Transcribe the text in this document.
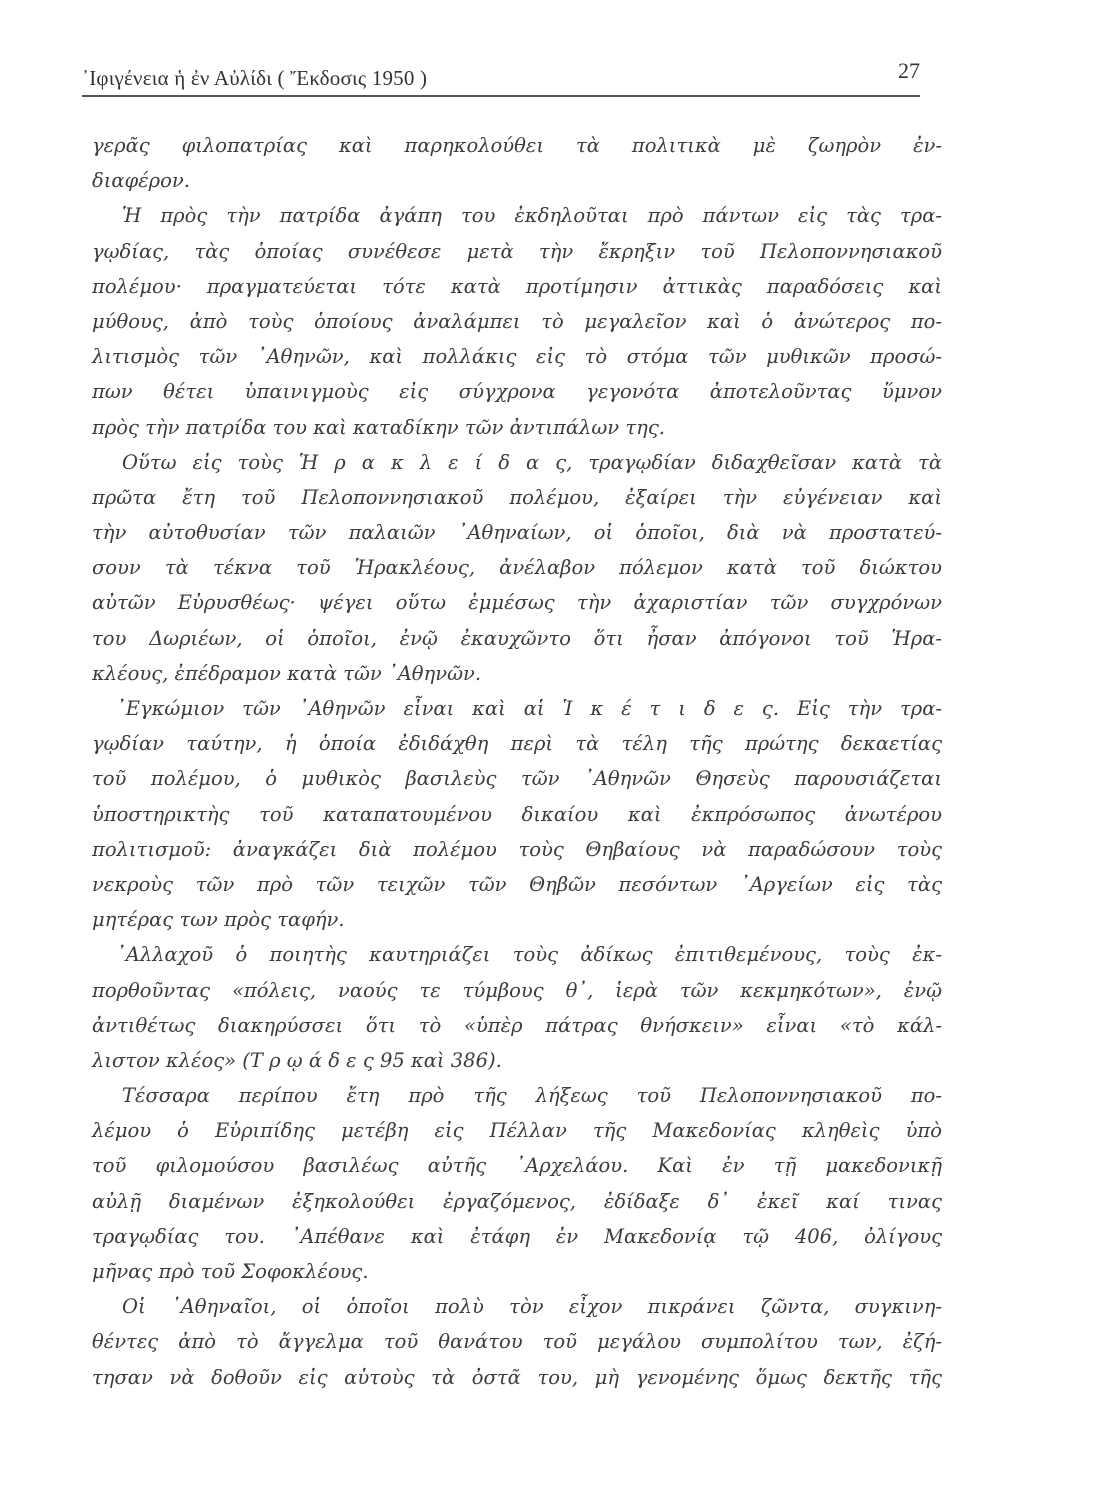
᾿Ιφιγένεια ἡ ἐν Αὐλίδι ( Ἔκδοσις 1950 )	27
γερᾶς φιλοπατρίας καὶ παρηκολούθει τὰ πολιτικὰ μὲ ζωηρὸν ἐν-
διαφέρον.
Ἡ πρὸς τὴν πατρίδα ἀγάπη του ἐκδηλοῦται πρὸ πάντων εἰς τὰς τρα-
γῳδίας, τὰς ὁποίας συνέθεσε μετὰ τὴν ἔκρηξιν τοῦ Πελοποννησιακοῦ
πολέμου· πραγματεύεται τότε κατὰ προτίμησιν ἀττικὰς παραδόσεις καὶ
μύθους, ἀπὸ τοὺς ὁποίους ἀναλάμπει τὸ μεγαλεῖον καὶ ὁ ἀνώτερος πο-
λιτισμὸς τῶν ᾿Αθηνῶν, καὶ πολλάκις εἰς τὸ στόμα τῶν μυθικῶν προσώ-
πων θέτει ὑπαινιγμοὺς εἰς σύγχρονα γεγονότα ἀποτελοῦντας ὕμνον
πρὸς τὴν πατρίδα του καὶ καταδίκην τῶν ἀντιπάλων της.
Οὕτω εἰς τοὺς Ἡ ρ α κ λ ε ί δ α ς, τραγῳδίαν διδαχθεῖσαν κατὰ τὰ
πρῶτα ἔτη τοῦ Πελοποννησιακοῦ πολέμου, ἐξαίρει τὴν εὐγένειαν καὶ
τὴν αὐτοθυσίαν τῶν παλαιῶν ᾿Αθηναίων, οἱ ὁποῖοι, διὰ νὰ προστατεύ-
σουν τὰ τέκνα τοῦ Ἡρακλέους, ἀνέλαβον πόλεμον κατὰ τοῦ διώκτου
αὐτῶν Εὐρυσθέως· ψέγει οὕτω ἐμμέσως τὴν ἀχαριστίαν τῶν συγχρόνων
του Δωριέων, οἱ ὁποῖοι, ἐνῷ ἐκαυχῶντο ὅτι ἦσαν ἀπόγονοι τοῦ Ἡρα-
κλέους, ἐπέδραμον κατὰ τῶν ᾿Αθηνῶν.
᾿Εγκώμιον τῶν ᾿Αθηνῶν εἶναι καὶ αἱ Ἱ κ έ τ ι δ ε ς. Εἰς τὴν τρα-
γῳδίαν ταύτην, ἡ ὁποία ἐδιδάχθη περὶ τὰ τέλη τῆς πρώτης δεκαετίας
τοῦ πολέμου, ὁ μυθικὸς βασιλεὺς τῶν ᾿Αθηνῶν Θησεὺς παρουσιάζεται
ὑποστηρικτὴς τοῦ καταπατουμένου δικαίου καὶ ἐκπρόσωπος ἀνωτέρου
πολιτισμοῦ: ἀναγκάζει διὰ πολέμου τοὺς Θηβαίους νὰ παραδώσουν τοὺς
νεκροὺς τῶν πρὸ τῶν τειχῶν τῶν Θηβῶν πεσόντων ᾿Αργείων εἰς τὰς
μητέρας των πρὸς ταφήν.
᾿Αλλαχοῦ ὁ ποιητὴς καυτηριάζει τοὺς ἀδίκως ἐπιτιθεμένους, τοὺς ἐκ-
πορθοῦντας «πόλεις, ναούς τε τύμβους θ᾿, ἱερὰ τῶν κεκμηκότων», ἐνῷ
ἀντιθέτως διακηρύσσει ὅτι τὸ «ὑπὲρ πάτρας θνήσκειν» εἶναι «τὸ κάλ-
λιστον κλέος» (Τ ρ ῳ ά δ ε ς 95 καὶ 386).
Τέσσαρα περίπου ἔτη πρὸ τῆς λήξεως τοῦ Πελοποννησιακοῦ πο-
λέμου ὁ Εὐριπίδης μετέβη εἰς Πέλλαν τῆς Μακεδονίας κληθεὶς ὑπὸ
τοῦ φιλομούσου βασιλέως αὐτῆς ᾿Αρχελάου. Καὶ ἐν τῇ μακεδονικῇ
αὐλῇ διαμένων ἐξηκολούθει ἐργαζόμενος, ἐδίδαξε δ᾿ ἐκεῖ καί τινας
τραγῳδίας του. ᾿Απέθανε καὶ ἐτάφη ἐν Μακεδονίᾳ τῷ 406, ὀλίγους
μῆνας πρὸ τοῦ Σοφοκλέους.
Οἱ ᾿Αθηναῖοι, οἱ ὁποῖοι πολὺ τὸν εἶχον πικράνει ζῶντα, συγκινη-
θέντες ἀπὸ τὸ ἄγγελμα τοῦ θανάτου τοῦ μεγάλου συμπολίτου των, ἐζή-
τησαν νὰ δοθοῦν εἰς αὐτοὺς τὰ ὀστᾶ του, μὴ γενομένης ὅμως δεκτῆς τῆς
